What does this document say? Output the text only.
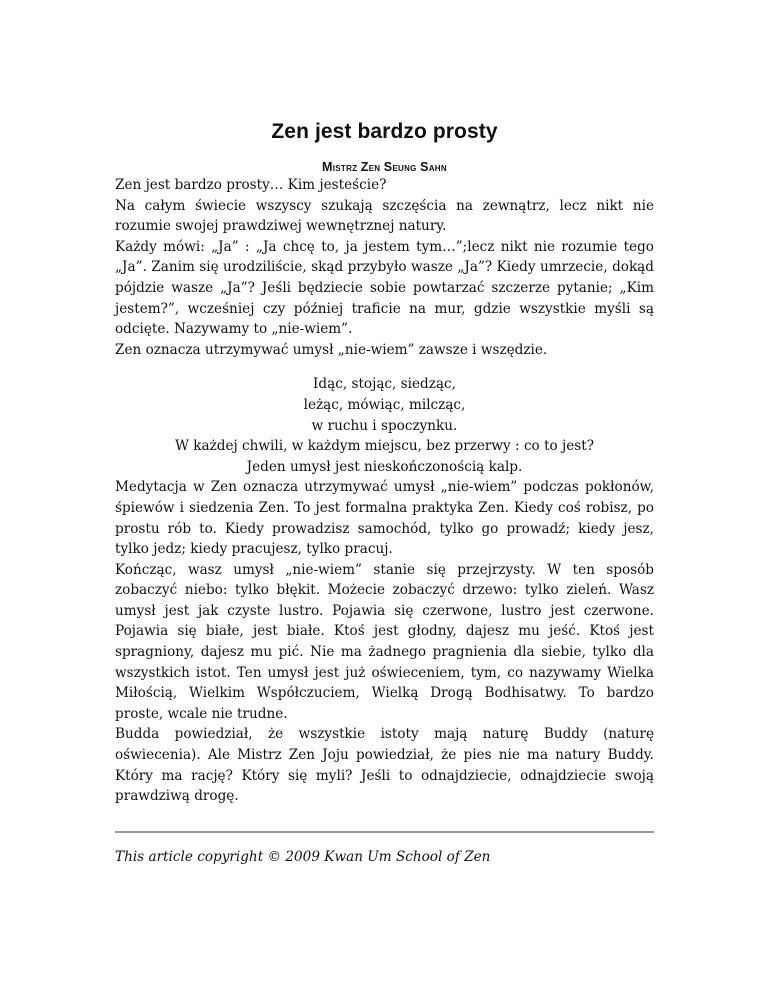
Zen jest bardzo prosty
Mistrz Zen Seung Sahn

Zen jest bardzo prosty… Kim jesteście?

Na całym świecie wszyscy szukają szczęścia na zewnątrz, lecz nikt nie rozumie swojej prawdziwej wewnętrznej natury.

Każdy mówi: „Ja” : „Ja chcę to, ja jestem tym…”;lecz nikt nie rozumie tego „Ja”. Zanim się urodziliście, skąd przybyło wasze „Ja”? Kiedy umrzecie, dokąd pójdzie wasze „Ja”? Jeśli będziecie sobie powtarzać szczerze pytanie; „Kim jestem?”, wcześniej czy później traficie na mur, gdzie wszystkie myśli są odcięte. Nazywamy to „nie-wiem”.

Zen oznacza utrzymywać umysł „nie-wiem” zawsze i wszędzie.

Idąc, stojąc, siedząc,
leżąc, mówiąc, milcząc,
w ruchu i spoczynku.
W każdej chwili, w każdym miejscu, bez przerwy : co to jest?
Jeden umysł jest nieskończonością kalp.

Medytacja w Zen oznacza utrzymywać umysł „nie-wiem” podczas pokłonów, śpiewów i siedzenia Zen. To jest formalna praktyka Zen. Kiedy coś robisz, po prostu rób to. Kiedy prowadzisz samochód, tylko go prowadź; kiedy jesz, tylko jedz; kiedy pracujesz, tylko pracuj.

Kończąc, wasz umysł „nie-wiem” stanie się przejrzysty. W ten sposób zobaczyć niebo: tylko błękit. Możecie zobaczyć drzewo: tylko zieleń. Wasz umysł jest jak czyste lustro. Pojawia się czerwone, lustro jest czerwone. Pojawia się białe, jest białe. Ktoś jest głodny, dajesz mu jeść. Ktoś jest spragniony, dajesz mu pić. Nie ma żadnego pragnienia dla siebie, tylko dla wszystkich istot. Ten umysł jest już oświeceniem, tym, co nazywamy Wielka Miłością, Wielkim Współczuciem, Wielką Drogą Bodhisatwy. To bardzo proste, wcale nie trudne.

Budda powiedział, że wszystkie istoty mają naturę Buddy (naturę oświecenia). Ale Mistrz Zen Joju powiedział, że pies nie ma natury Buddy. Który ma rację? Który się myli? Jeśli to odnajdziecie, odnajdziecie swoją prawdziwą drogę.

This article copyright © 2009 Kwan Um School of Zen
